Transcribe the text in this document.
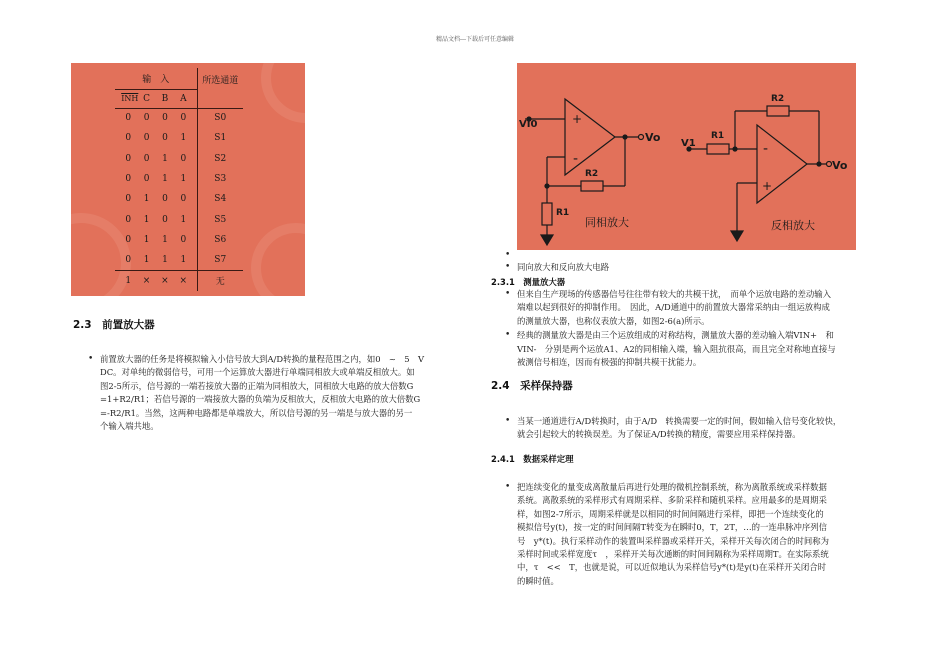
精品文档---下载后可任意编辑
输　入	所选通道

$\overline{INH}$ C B A	

0 0 0 0	S0

0 0 0 1	S1

0 0 1 0	S2

0 0 1 1	S3

0 1 0 0	S4

0 1 0 1	S5

0 1 1 0	S6

0 1 1 1	S7

1 × × ×	无
+
-
-
+
VI0
Vo
R2
R1
同相放大
V1
R1
R2
Vo
反相放大
2.3　前置放大器
• 前置放大器的任务是将模拟输入小信号放大到A/D转换的量程范围之内，如0　~　5　V
DC。对单纯的微弱信号，可用一个运算放大器进行单端同相放大或单端反相放大。如
图2-5所示，信号源的一端若接放大器的正端为同相放大，同相放大电路的放大倍数G
=1+R2/R1；若信号源的一端接放大器的负端为反相放大，反相放大电路的放大倍数G
=-R2/R1。当然，这两种电路都是单端放大，所以信号源的另一端是与放大器的另一
个输入端共地。
•
• 同向放大和反向放大电路
2.3.1　测量放大器
• 但来自生产现场的传感器信号往往带有较大的共模干扰，　而单个运放电路的差动输入
端难以起到很好的抑制作用。　因此，A/D通道中的前置放大器常采纳由一组运放构成
的测量放大器，也称仪表放大器，如图2-6(a)所示。
• 经典的测量放大器是由三个运放组成的对称结构，测量放大器的差动输入端VIN+　和
VIN-　分别是两个运放A1、A2的同相输入端，输入阻抗很高，而且完全对称地直接与
被测信号相连，因而有极强的抑制共模干扰能力。
2.4　采样保持器
• 当某一通道进行A/D转换时，由于A/D　转换需要一定的时间，假如输入信号变化较快，
就会引起较大的转换误差。为了保证A/D转换的精度，需要应用采样保持器。
2.4.1　数据采样定理
• 把连续变化的量变成离散量后再进行处理的微机控制系统，称为离散系统或采样数据
系统。离散系统的采样形式有周期采样、多阶采样和随机采样。应用最多的是周期采
样，如图2-7所示，周期采样就是以相同的时间间隔进行采样，即把一个连续变化的
模拟信号y(t)，按一定的时间间隔T转变为在瞬时0，T，2T，…的一连串脉冲序列信
号　y*(t)。执行采样动作的装置叫采样器或采样开关，采样开关每次闭合的时间称为
采样时间或采样宽度τ　，采样开关每次通断的时间间隔称为采样周期T。在实际系统
中，τ　<<　T，也就是说，可以近似地认为采样信号y*(t)是y(t)在采样开关闭合时
的瞬时值。
